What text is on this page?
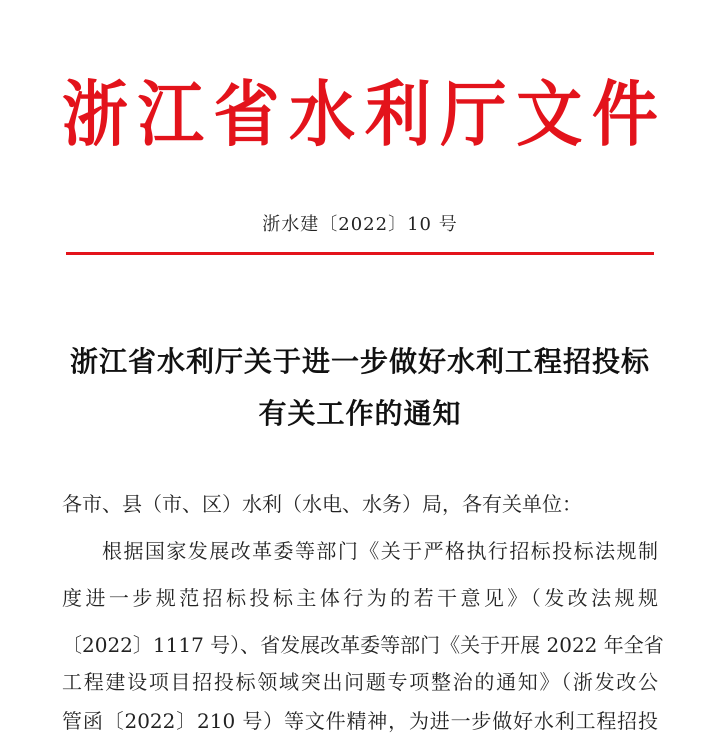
浙 江 省 水 利 厅 文 件
浙水建〔2022〕10 号
浙江省水利厅关于进一步做好水利工程招投标
有关工作的通知
各市、县（市、区）水利（水电、水务）局，各有关单位：
根据国家发展改革委等部门《关于严格执行招标投标法规制
度进一步规范招标投标主体行为的若干意见》（发改法规规
〔2022〕1117 号）、省发展改革委等部门《关于开展 2022 年全省
工程建设项目招投标领域突出问题专项整治的通知》（浙发改公
管函〔2022〕210 号）等文件精神，为进一步做好水利工程招投
